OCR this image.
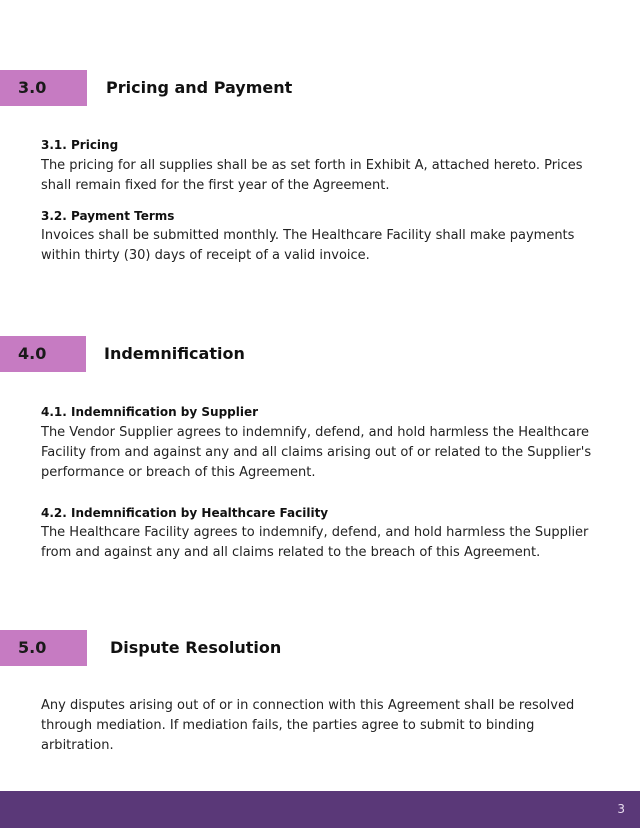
3.0	Pricing and Payment
3.1. Pricing
The pricing for all supplies shall be as set forth in Exhibit A, attached hereto. Prices shall remain fixed for the first year of the Agreement.
3.2. Payment Terms
Invoices shall be submitted monthly. The Healthcare Facility shall make payments within thirty (30) days of receipt of a valid invoice.
4.0	Indemnification
4.1. Indemnification by Supplier
The Vendor Supplier agrees to indemnify, defend, and hold harmless the Healthcare Facility from and against any and all claims arising out of or related to the Supplier's performance or breach of this Agreement.
4.2. Indemnification by Healthcare Facility
The Healthcare Facility agrees to indemnify, defend, and hold harmless the Supplier from and against any and all claims related to the breach of this Agreement.
5.0	Dispute Resolution
Any disputes arising out of or in connection with this Agreement shall be resolved through mediation. If mediation fails, the parties agree to submit to binding arbitration.
3
